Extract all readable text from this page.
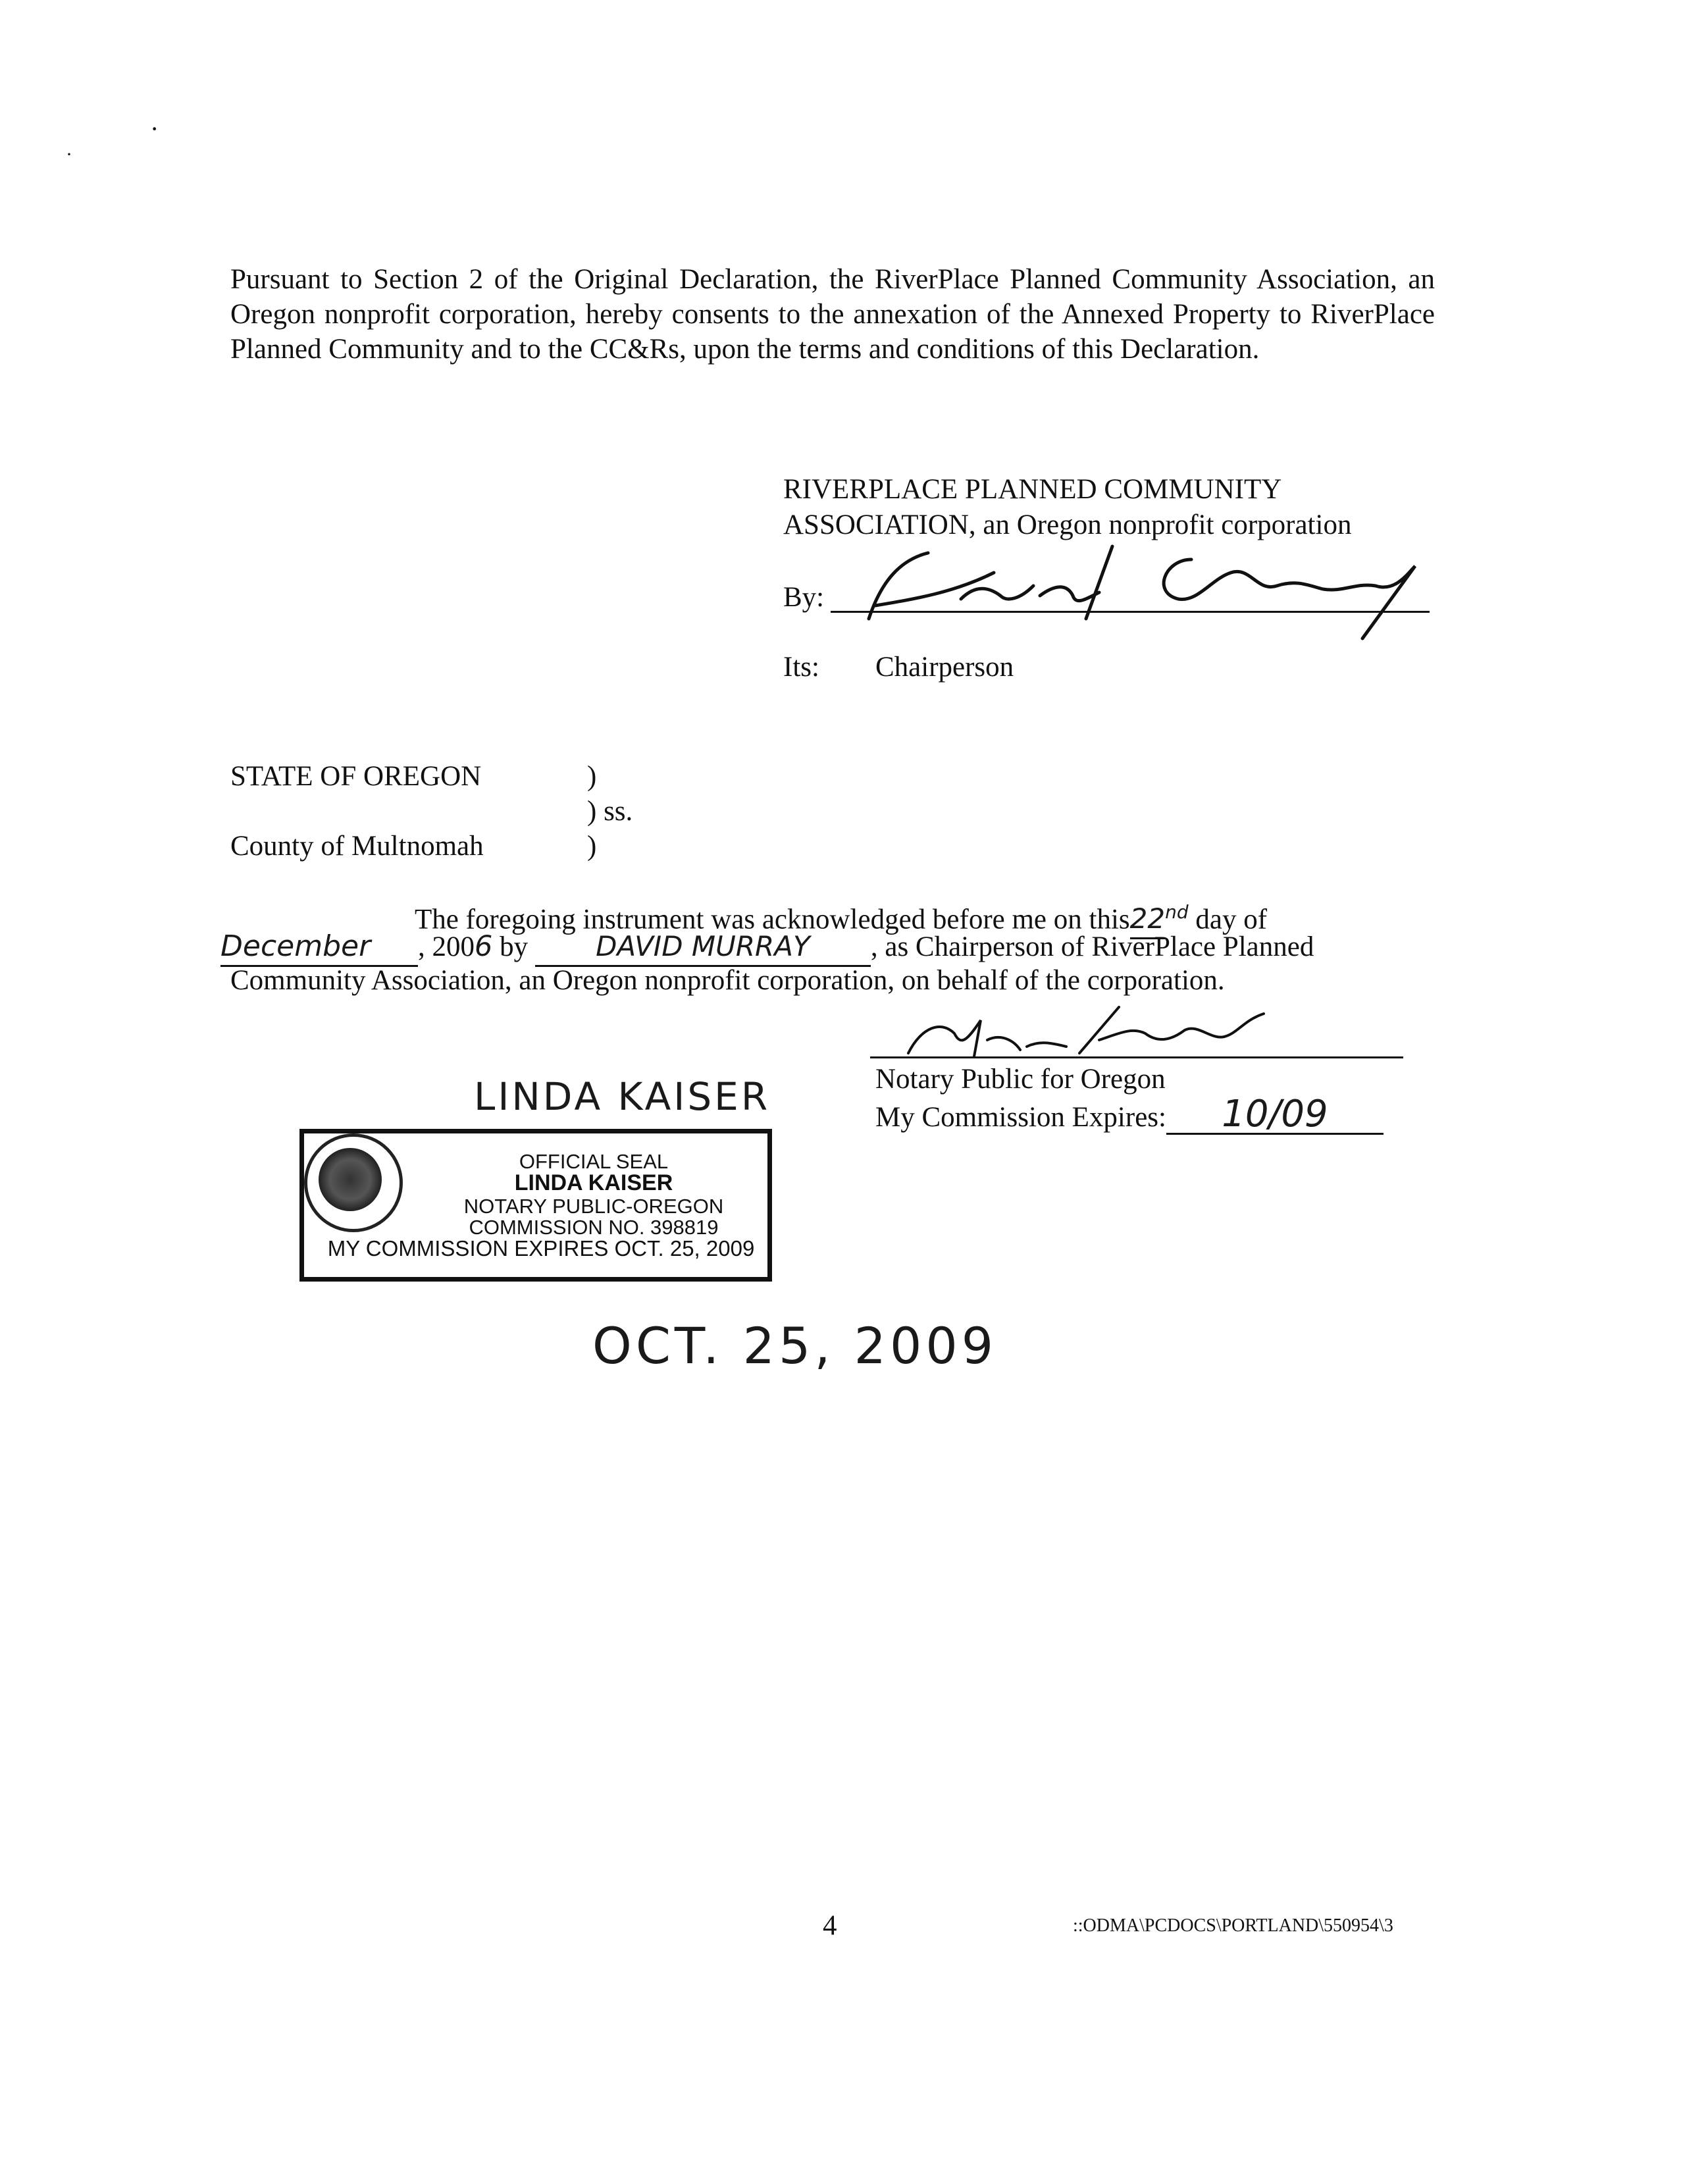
·
·
Pursuant to Section 2 of the Original Declaration, the RiverPlace Planned Community Association, an Oregon nonprofit corporation, hereby consents to the annexation of the Annexed Property to RiverPlace Planned Community and to the CC&Rs, upon the terms and conditions of this Declaration.
RIVERPLACE PLANNED COMMUNITY
ASSOCIATION, an Oregon nonprofit corporation
By:
Its: Chairperson
STATE OF OREGON	)
) ss.
County of Multnomah	)
The foregoing instrument was acknowledged before me on this22nd day of
December , 2006 by DAVID MURRAY , as Chairperson of RiverPlace Planned
Community Association, an Oregon nonprofit corporation, on behalf of the corporation.
Notary Public for Oregon
My Commission Expires: 10/09
LINDA KAISER
OFFICIAL SEAL
LINDA KAISER
NOTARY PUBLIC-OREGON
COMMISSION NO. 398819
MY COMMISSION EXPIRES OCT. 25, 2009
OCT. 25, 2009
4	::ODMA\PCDOCS\PORTLAND\550954\3
